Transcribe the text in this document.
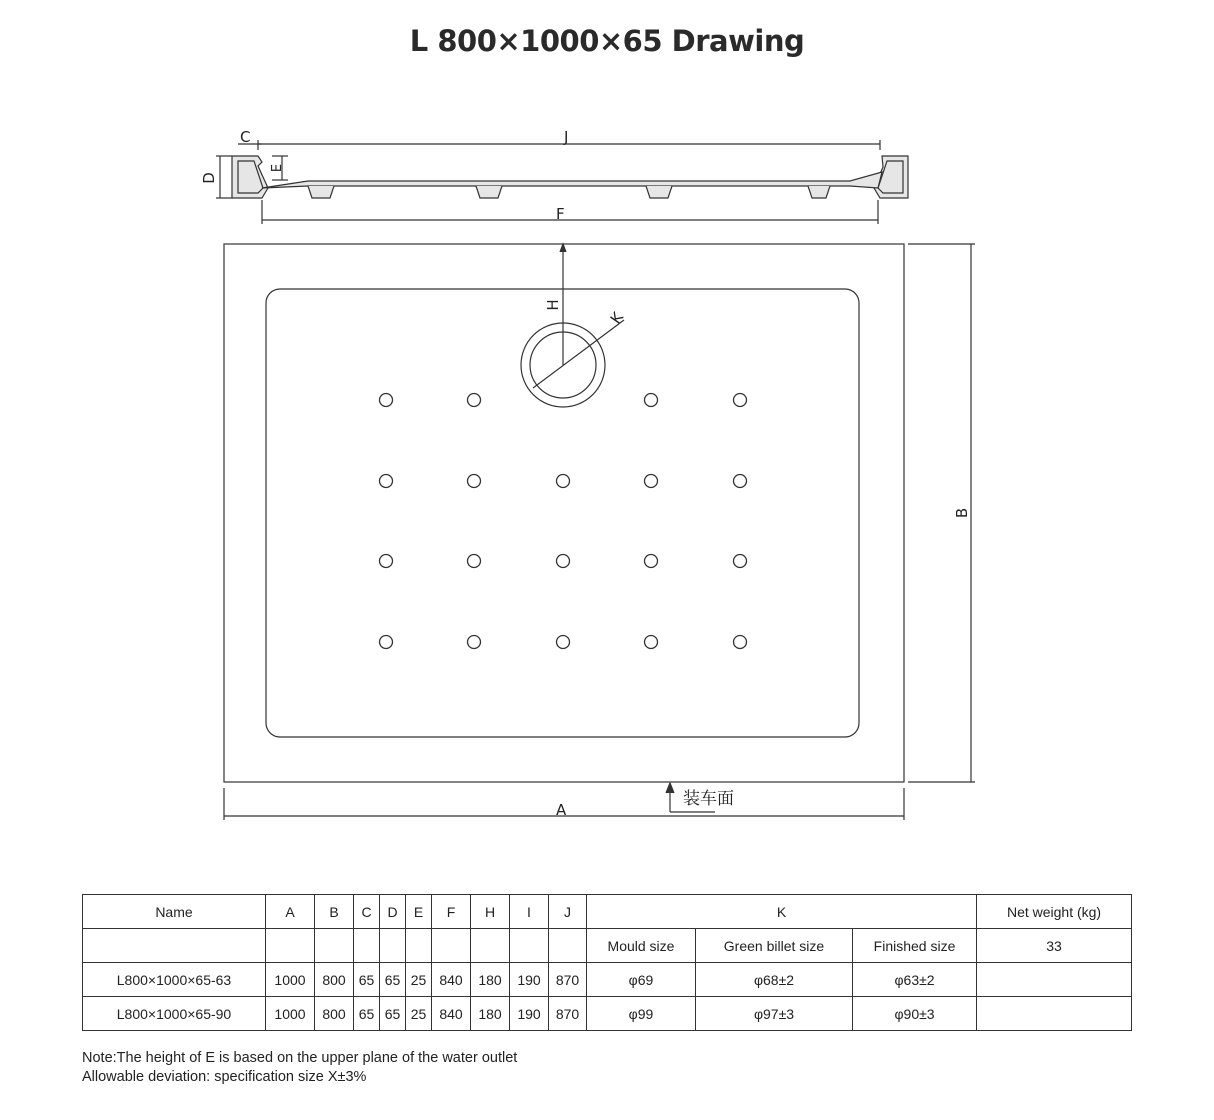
L 800×1000×65 Drawing
C	J
D
E
F
H
K
A
B
装车面
Name	A	B	C	D	E	F	H	I	J	K			Net weight (kg)
										Mould size	Green billet size	Finished size	33
L800×1000×65-63	1000	800	65	65	25	840	180	190	870	φ69	φ68±2	φ63±2	
L800×1000×65-90	1000	800	65	65	25	840	180	190	870	φ99	φ97±3	φ90±3	
Note:The height of E is based on the upper plane of the water outlet
Allowable deviation: specification size X±3%
